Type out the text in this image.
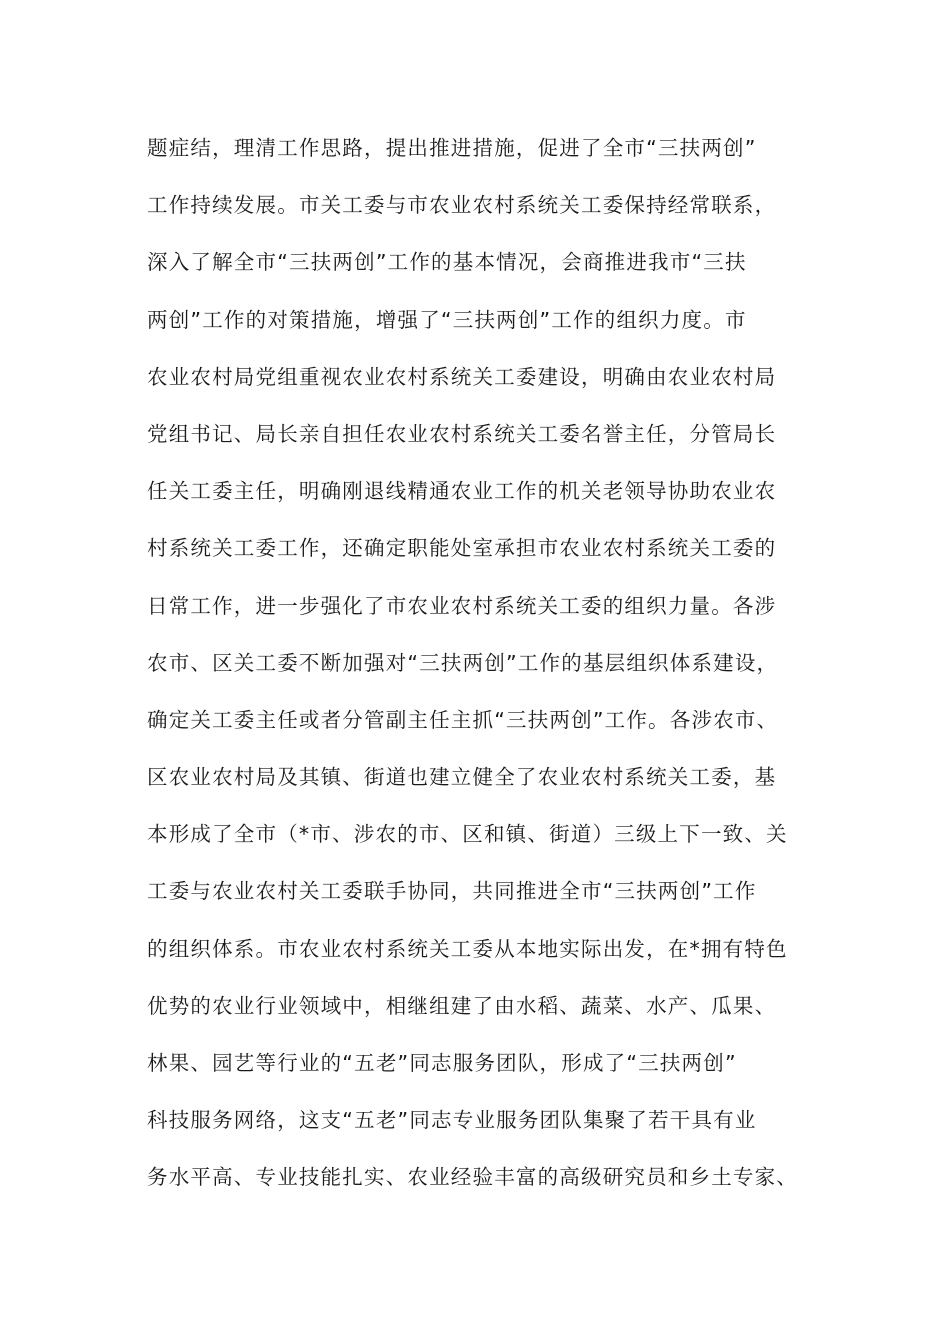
题症结，理清工作思路，提出推进措施，促进了全市“三扶两创”
工作持续发展。市关工委与市农业农村系统关工委保持经常联系，
深入了解全市“三扶两创”工作的基本情况，会商推进我市“三扶
两创”工作的对策措施，增强了“三扶两创”工作的组织力度。市
农业农村局党组重视农业农村系统关工委建设，明确由农业农村局
党组书记、局长亲自担任农业农村系统关工委名誉主任，分管局长
任关工委主任，明确刚退线精通农业工作的机关老领导协助农业农
村系统关工委工作，还确定职能处室承担市农业农村系统关工委的
日常工作，进一步强化了市农业农村系统关工委的组织力量。各涉
农市、区关工委不断加强对“三扶两创”工作的基层组织体系建设，
确定关工委主任或者分管副主任主抓“三扶两创”工作。各涉农市、
区农业农村局及其镇、街道也建立健全了农业农村系统关工委，基
本形成了全市（*市、涉农的市、区和镇、街道）三级上下一致、关
工委与农业农村关工委联手协同，共同推进全市“三扶两创”工作
的组织体系。市农业农村系统关工委从本地实际出发，在*拥有特色
优势的农业行业领域中，相继组建了由水稻、蔬菜、水产、瓜果、
林果、园艺等行业的“五老”同志服务团队，形成了“三扶两创”
科技服务网络，这支“五老”同志专业服务团队集聚了若干具有业
务水平高、专业技能扎实、农业经验丰富的高级研究员和乡土专家、
